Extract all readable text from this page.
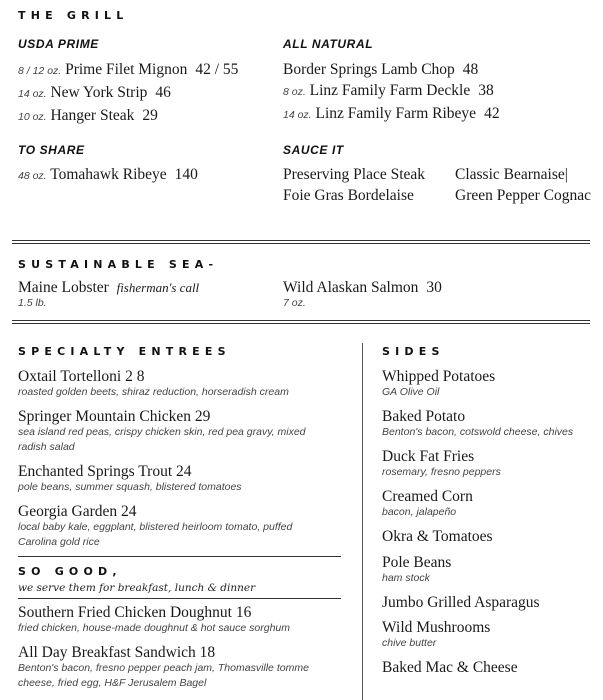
THE GRILL
USDA PRIME
8 / 12 oz. Prime Filet Mignon 42 / 55
14 oz. New York Strip 46
10 oz. Hanger Steak 29
ALL NATURAL
Border Springs Lamb Chop 48
8 oz. Linz Family Farm Deckle 38
14 oz. Linz Family Farm Ribeye 42
TO SHARE
48 oz. Tomahawk Ribeye 140
SAUCE IT
Preserving Place Steak
Foie Gras Bordelaise
Classic Bearnaise|
Green Pepper Cognac
SUSTAINABLE SEA-
Maine Lobster fisherman's call
1.5 lb.
Wild Alaskan Salmon 30
7 oz.
SPECIALTY ENTREES
Oxtail Tortelloni 2 8
roasted golden beets, shiraz reduction, horseradish cream
Springer Mountain Chicken 29
sea island red peas, crispy chicken skin, red pea gravy, mixed radish salad
Enchanted Springs Trout 24
pole beans, summer squash, blistered tomatoes
Georgia Garden 24
local baby kale, eggplant, blistered heirloom tomato, puffed Carolina gold rice
SO GOOD,
we serve them for breakfast, lunch & dinner
Southern Fried Chicken Doughnut 16
fried chicken, house-made doughnut & hot sauce sorghum
All Day Breakfast Sandwich 18
Benton's bacon, fresno pepper peach jam, Thomasville tomme cheese, fried egg, H&F Jerusalem Bagel
SIDES
Whipped Potatoes
GA Olive Oil
Baked Potato
Benton's bacon, cotswold cheese, chives
Duck Fat Fries
rosemary, fresno peppers
Creamed Corn
bacon, jalapeño
Okra & Tomatoes
Pole Beans
ham stock
Jumbo Grilled Asparagus
Wild Mushrooms
chive butter
Baked Mac & Cheese
